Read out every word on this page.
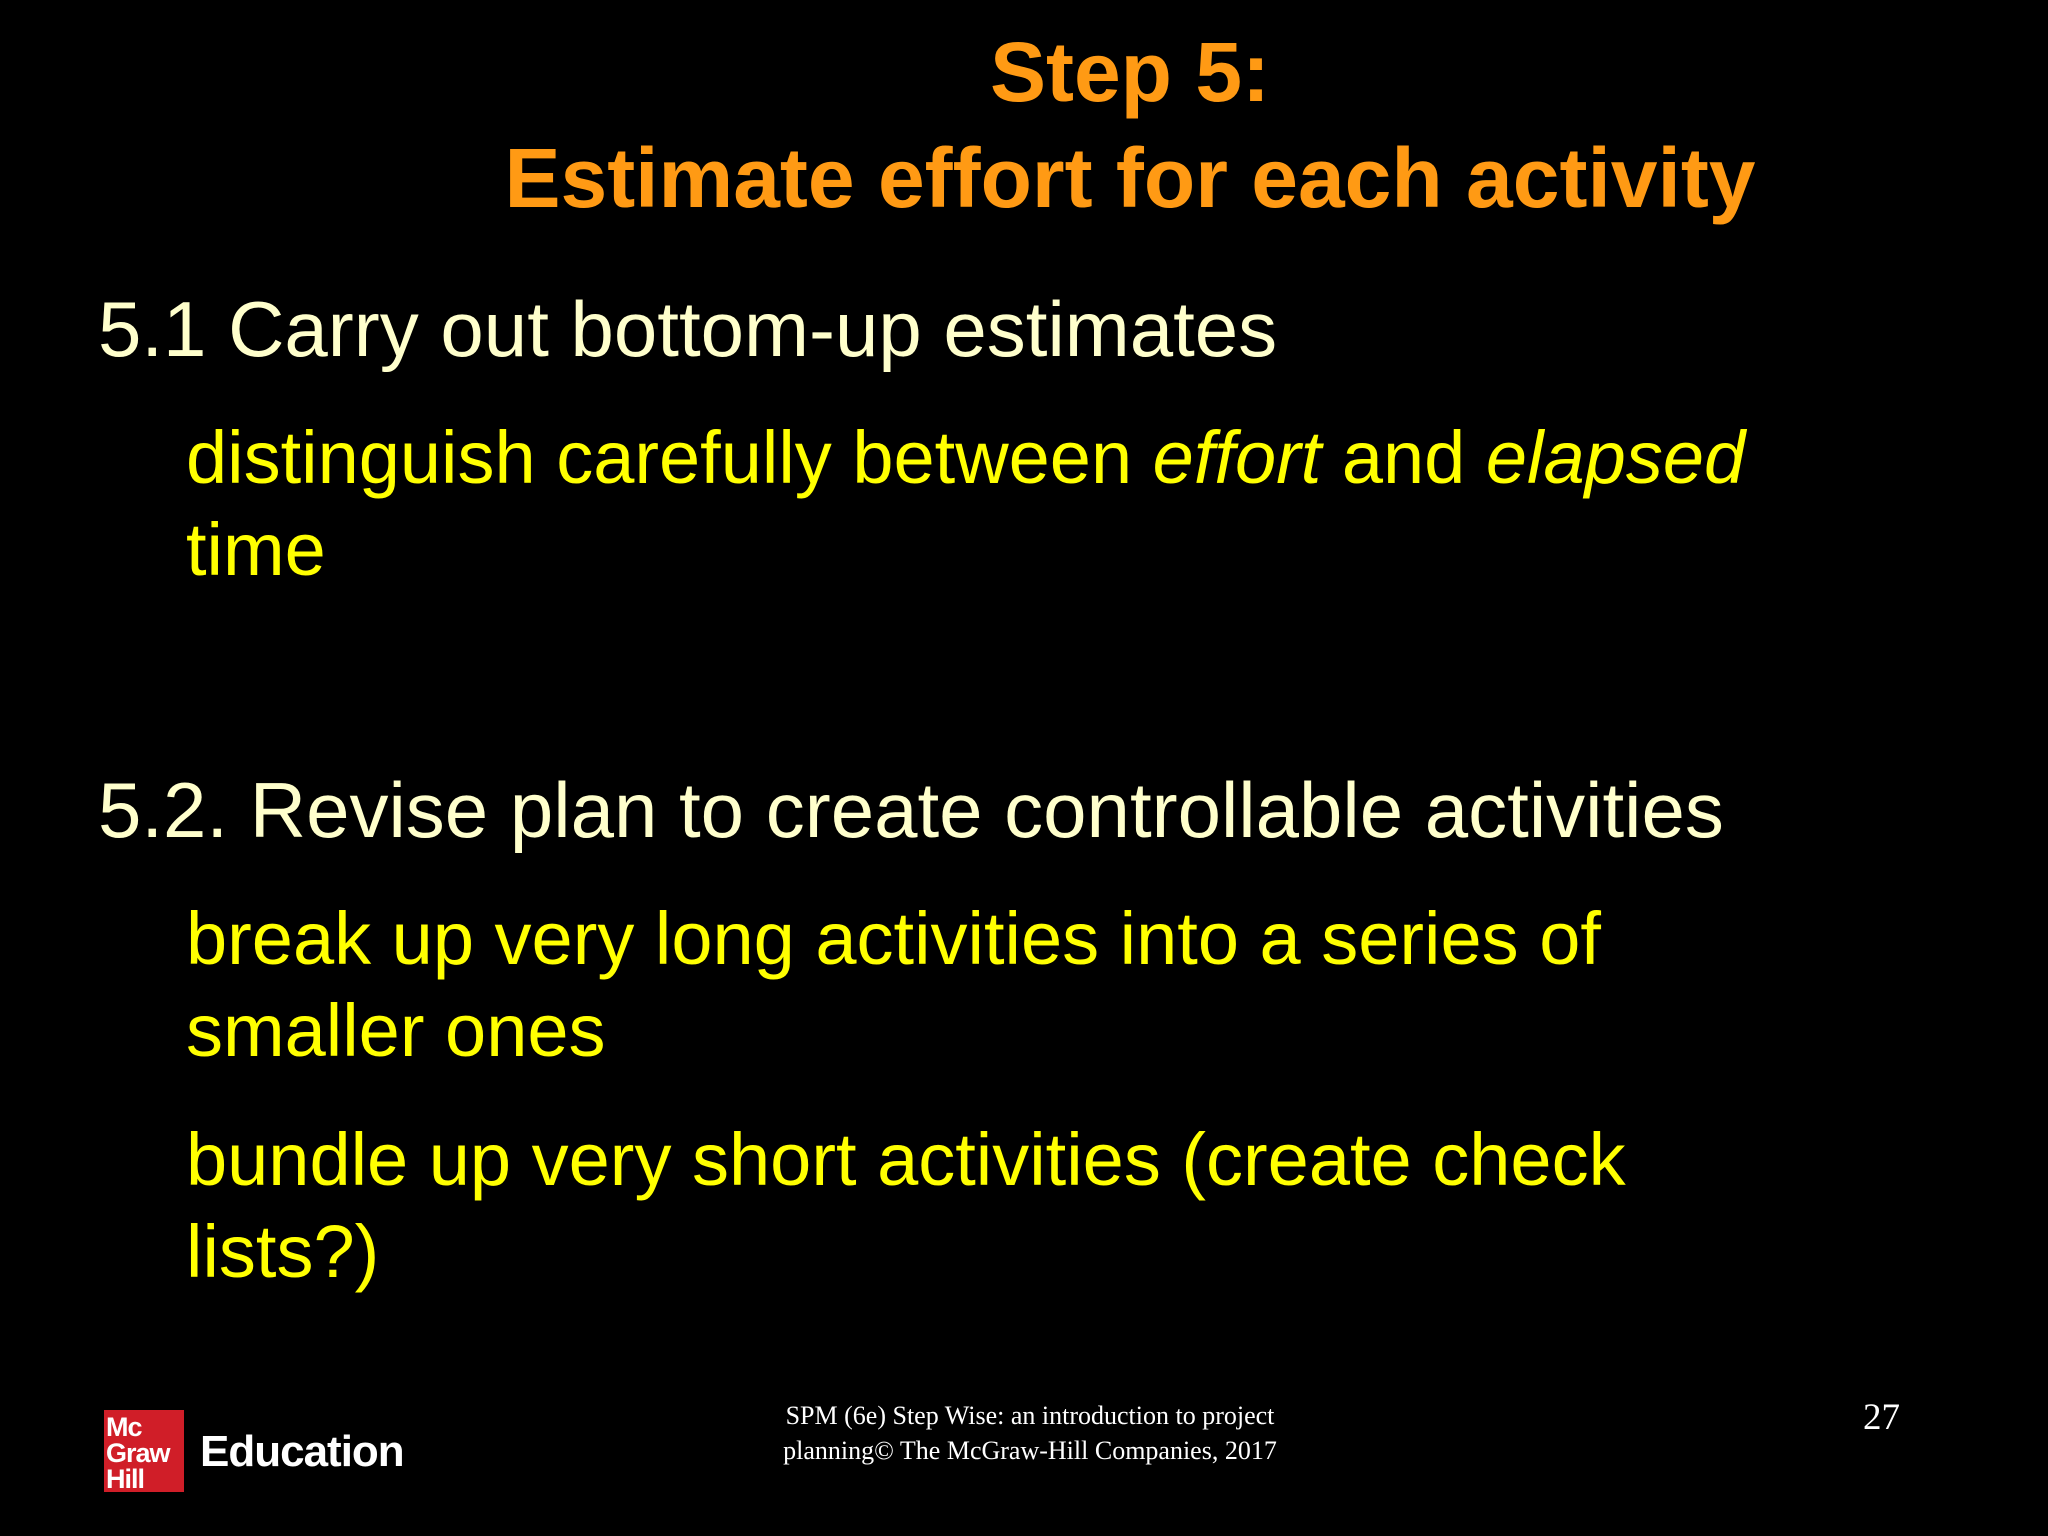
Step 5:
Estimate effort for each activity
5.1 Carry out bottom-up estimates
distinguish carefully between effort and elapsed
time
5.2. Revise plan to create controllable activities
break up very long activities into a series of
smaller ones
bundle up very short activities (create check
lists?)
Mc
Graw
Hill
Education
SPM (6e) Step Wise: an introduction to project
planning© The McGraw-Hill Companies, 2017
27
